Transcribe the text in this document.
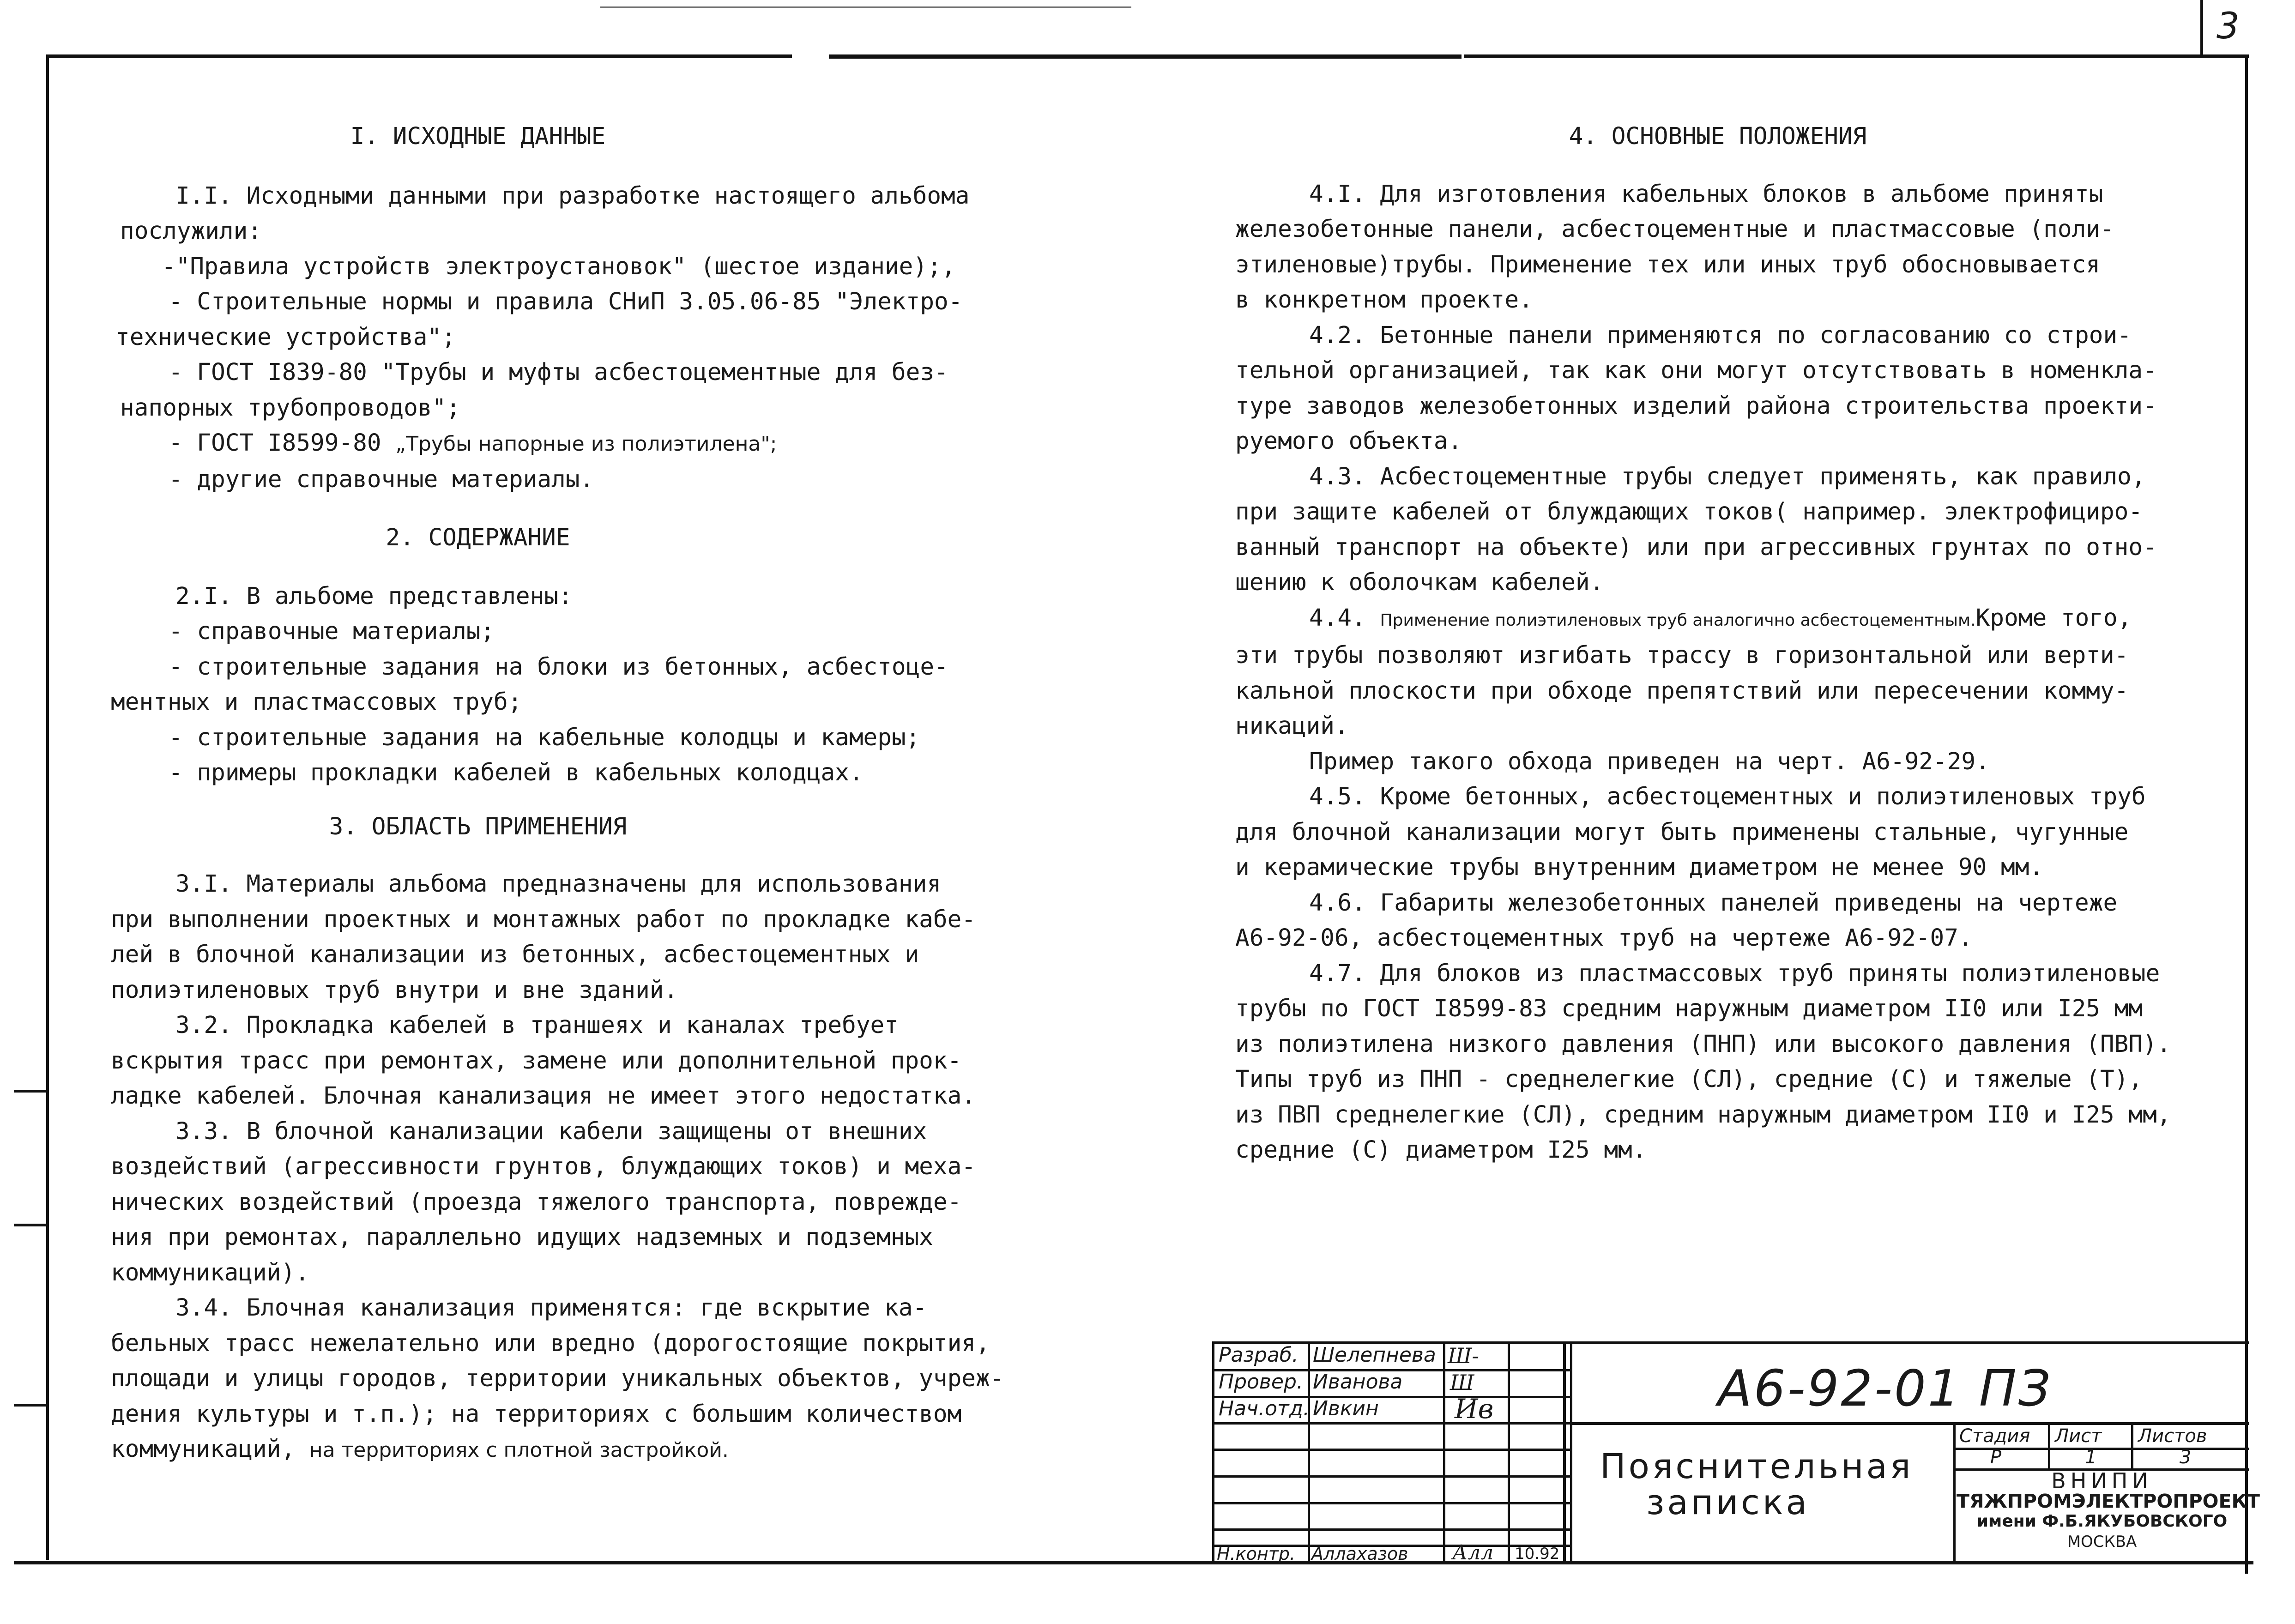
3

I. ИСХОДНЫЕ ДАННЫЕ

I.I. Исходными данными при разработке настоящего альбома

послужили:

-"Правила устройств электроустановок" (шестое издание);,

- Строительные нормы и правила СНиП 3.05.06-85 "Электро-

технические устройства";

- ГОСТ I839-80 "Трубы и муфты асбестоцементные для без-

напорных трубопроводов";

- ГОСТ I8599-80 „Трубы напорные из полиэтилена";

- другие справочные материалы.

2. СОДЕРЖАНИЕ

2.I. В альбоме представлены:

- справочные материалы;

- строительные задания на блоки из бетонных, асбестоце-

ментных и пластмассовых труб;

- строительные задания на кабельные колодцы и камеры;

- примеры прокладки кабелей в кабельных колодцах.

3. ОБЛАСТЬ ПРИМЕНЕНИЯ

3.I. Материалы альбома предназначены для использования

при выполнении проектных и монтажных работ по прокладке кабе-

лей в блочной канализации из бетонных, асбестоцементных и

полиэтиленовых труб внутри и вне зданий.

3.2. Прокладка кабелей в траншеях и каналах требует

вскрытия трасс при ремонтах, замене или дополнительной прок-

ладке кабелей. Блочная канализация не имеет этого недостатка.

3.3. В блочной канализации кабели защищены от внешних

воздействий (агрессивности грунтов, блуждающих токов) и меха-

нических воздействий (проезда тяжелого транспорта, поврежде-

ния при ремонтах, параллельно идущих надземных и подземных

коммуникаций).

3.4. Блочная канализация применятся: где вскрытие ка-

бельных трасс нежелательно или вредно (дорогостоящие покрытия,

площади и улицы городов, территории уникальных объектов, учреж-

дения культуры и т.п.); на территориях с большим количеством

коммуникаций, на территориях с плотной застройкой.

4. ОСНОВНЫЕ ПОЛОЖЕНИЯ

4.I. Для изготовления кабельных блоков в альбоме приняты

железобетонные панели, асбестоцементные и пластмассовые (поли-

этиленовые)трубы. Применение тех или иных труб обосновывается

в конкретном проекте.

4.2. Бетонные панели применяются по согласованию со строи-

тельной организацией, так как они могут отсутствовать в номенкла-

туре заводов железобетонных изделий района строительства проекти-

руемого объекта.

4.3. Асбестоцементные трубы следует применять, как правило,

при защите кабелей от блуждающих токов( например. электрофициро-

ванный транспорт на объекте) или при агрессивных грунтах по отно-

шению к оболочкам кабелей.

4.4. Применение полиэтиленовых труб аналогично асбестоцементным.Кроме того,

эти трубы позволяют изгибать трассу в горизонтальной или верти-

кальной плоскости при обходе препятствий или пересечении комму-

никаций.

Пример такого обхода приведен на черт. А6-92-29.

4.5. Кроме бетонных, асбестоцементных и полиэтиленовых труб

для блочной канализации могут быть применены стальные, чугунные

и керамические трубы внутренним диаметром не менее 90 мм.

4.6. Габариты железобетонных панелей приведены на чертеже

А6-92-06, асбестоцементных труб на чертеже А6-92-07.

4.7. Для блоков из пластмассовых труб приняты полиэтиленовые

трубы по ГОСТ I8599-83 средним наружным диаметром II0 или I25 мм

из полиэтилена низкого давления (ПНП) или высокого давления (ПВП).

Типы труб из ПНП - среднелегкие (СЛ), средние (С) и тяжелые (Т),

из ПВП среднелегкие (СЛ), средним наружным диаметром II0 и I25 мм,

средние (С) диаметром I25 мм.

Разраб. Шелепнева Ш-
Провер. Иванова Ш
Нач.отд. Ивкин	Ив
Н.контр. Аллахазов Алл 10.92
А6-92-01 ПЗ
Пояснительная
записка
Стадия Лист Листов
Р	1	3
ВНИПИ
ТЯЖПРОМЭЛЕКТРОПРОЕКТ
имени Ф.Б.ЯКУБОВСКОГО
МОСКВА
